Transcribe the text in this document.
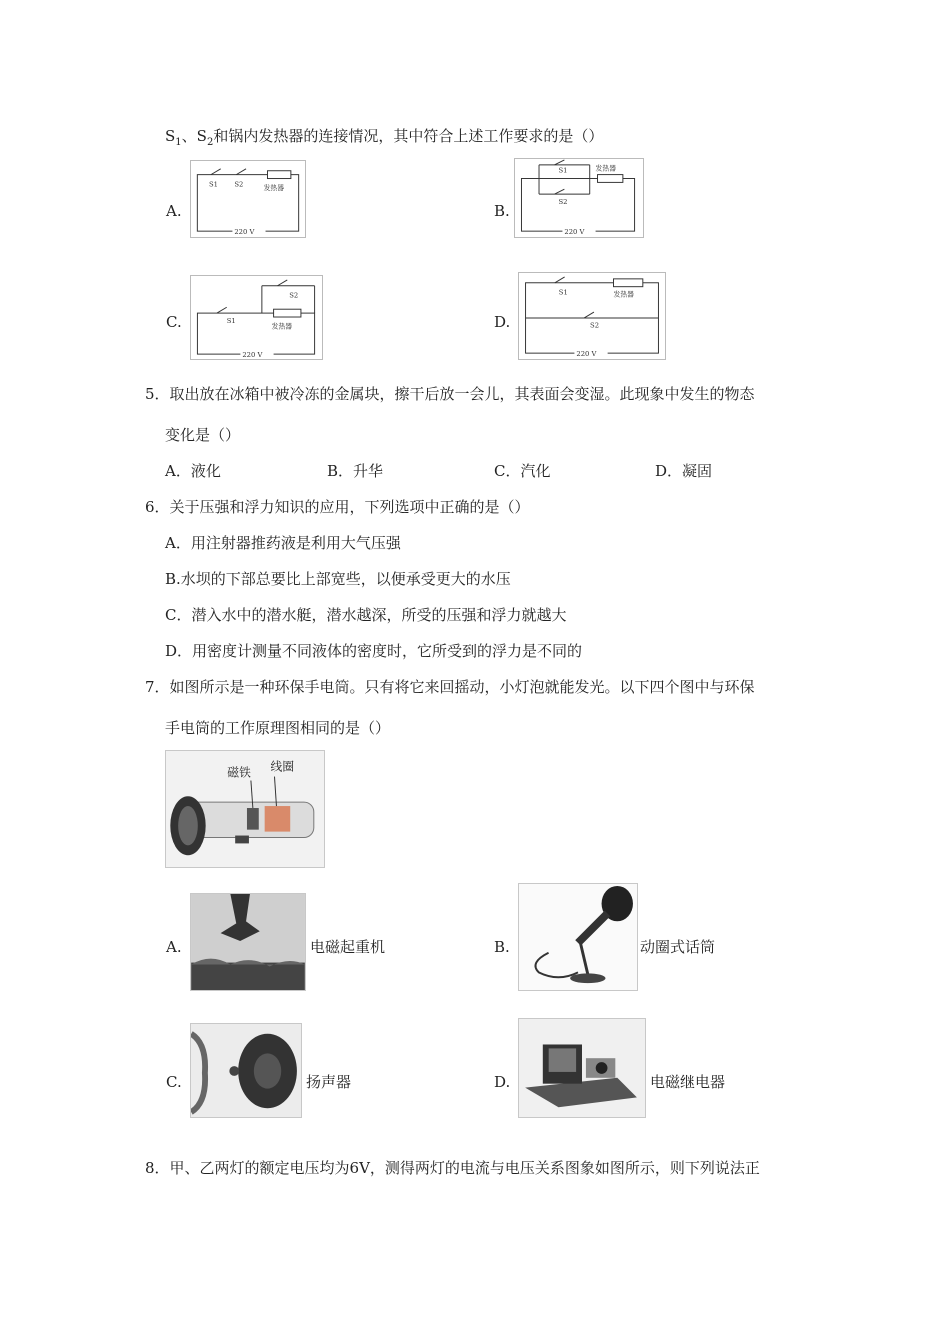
$S_1$、$S_2$和锅内发热器的连接情况，其中符合上述工作要求的是（）
A.
S1 S2	发热器
220 V
B.
S1
S2
发热器
220 V
C.	S1
S2
发热器
220 V
D.
S1
S2
发热器
220 V
5．取出放在冰箱中被冷冻的金属块，擦干后放一会儿，其表面会变湿。此现象中发生的物态
变化是（）
A．液化	B．升华	C．汽化	D．凝固
6．关于压强和浮力知识的应用，下列选项中正确的是（）
A．用注射器推药液是利用大气压强
B.水坝的下部总要比上部宽些，以便承受更大的水压
C．潜入水中的潜水艇，潜水越深，所受的压强和浮力就越大
D．用密度计测量不同液体的密度时，它所受到的浮力是不同的
7．如图所示是一种环保手电筒。只有将它来回摇动，小灯泡就能发光。以下四个图中与环保
手电筒的工作原理图相同的是（）
磁铁 线圈
A.	电磁起重机	B.	动圈式话筒
C.	扬声器	D.	电磁继电器
8．甲、乙两灯的额定电压均为6V，测得两灯的电流与电压关系图象如图所示，则下列说法正
